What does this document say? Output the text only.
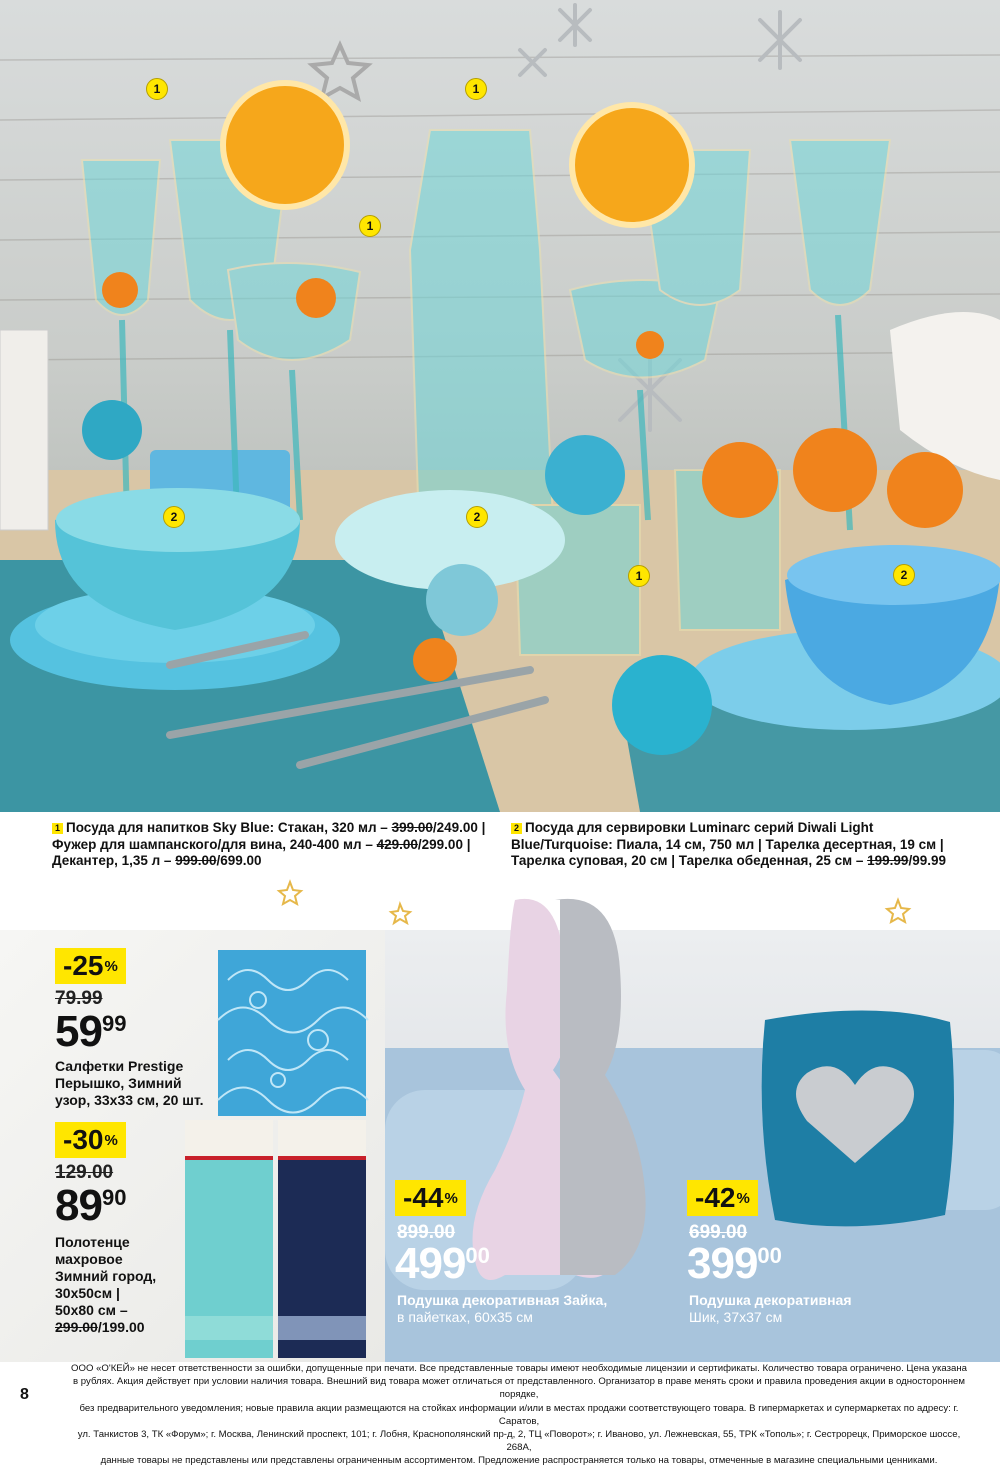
1	1
1
1
2	2
2
1 Посуда для напитков Sky Blue: Стакан, 320 мл – 399.00/249.00 |
Фужер для шампанского/для вина, 240-400 мл – 429.00/299.00 |
Декантер, 1,35 л – 999.00/699.00
2 Посуда для сервировки Luminarc серий Diwali Light
Blue/Turquoise: Пиала, 14 см, 750 мл | Тарелка десертная, 19 см |
Тарелка суповая, 20 см | Тарелка обеденная, 25 см – 199.99/99.99
-25 %
79.99
5999
Салфетки Prestige
Перышко, Зимний
узор, 33х33 см, 20 шт.
-30 %
129.00
8990
Полотенце
махровое
Зимний город,
30х50см |
50х80 см –
299.00/199.00
-44 %
899.00
49900
Подушка декоративная Зайка,
в пайетках, 60х35 см
-42 %
699.00
39900
Подушка декоративная
Шик, 37х37 см
ООО «О'КЕЙ» не несет ответственности за ошибки, допущенные при печати. Все представленные товары имеют необходимые лицензии и сертификаты. Количество товара ограничено. Цена указана
в рублях. Акция действует при условии наличия товара. Внешний вид товара может отличаться от представленного. Организатор в праве менять сроки и правила проведения акции в одностороннем порядке,
без предварительного уведомления; новые правила акции размещаются на стойках информации и/или в местах продажи соответствующего товара. В гипермаркетах и супермаркетах по адресу: г. Саратов,
ул. Танкистов 3, ТК «Форум»; г. Москва, Ленинский проспект, 101; г. Лобня, Краснополянский пр-д, 2, ТЦ «Поворот»; г. Иваново, ул. Лежневская, 55, ТРК «Тополь»; г. Сестрорецк, Приморское шоссе, 268А,
данные товары не представлены или представлены ограниченным ассортиментом. Предложение распространяется только на товары, отмеченные в магазине специальными ценниками.
8
